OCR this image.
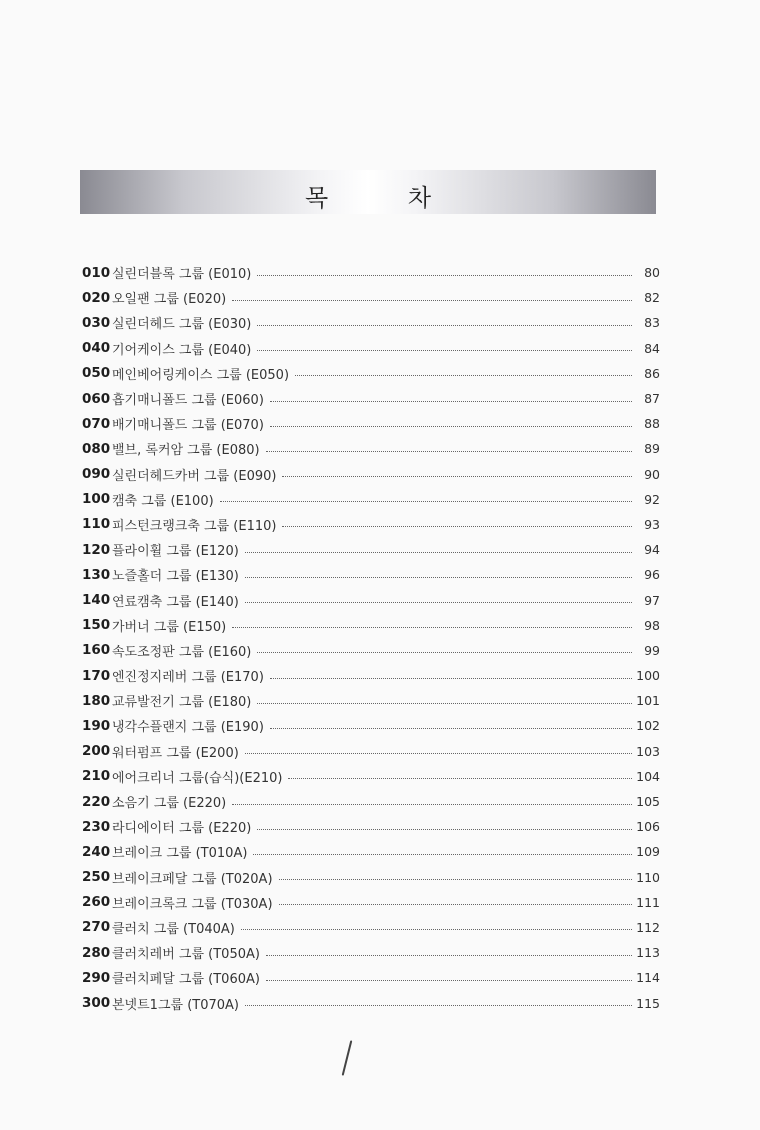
목 차
010 실린더블록 그룹 (E010)	80
020 오일팬 그룹 (E020)	82
030 실린더헤드 그룹 (E030)	83
040 기어케이스 그룹 (E040)	84
050 메인베어링케이스 그룹 (E050)	86
060 흡기매니폴드 그룹 (E060)	87
070 배기매니폴드 그룹 (E070)	88
080 밸브, 록커암 그룹 (E080)	89
090 실린더헤드카버 그룹 (E090)	90
100 캠축 그룹 (E100)	92
110 피스턴크랭크축 그룹 (E110)	93
120 플라이휠 그룹 (E120)	94
130 노즐홀더 그룹 (E130)	96
140 연료캠축 그룹 (E140)	97
150 가버너 그룹 (E150)	98
160 속도조정판 그룹 (E160)	99
170 엔진정지레버 그룹 (E170)	100
180 교류발전기 그룹 (E180)	101
190 냉각수플랜지 그룹 (E190)	102
200 워터펌프 그룹 (E200)	103
210 에어크리너 그룹(습식)(E210)	104
220 소음기 그룹 (E220)	105
230 라디에이터 그룹 (E220)	106
240 브레이크 그룹 (T010A)	109
250 브레이크페달 그룹 (T020A)	110
260 브레이크록크 그룹 (T030A)	111
270 클러치 그룹 (T040A)	112
280 클러치레버 그룹 (T050A)	113
290 클러치페달 그룹 (T060A)	114
300 본넷트1그룹 (T070A)	115
